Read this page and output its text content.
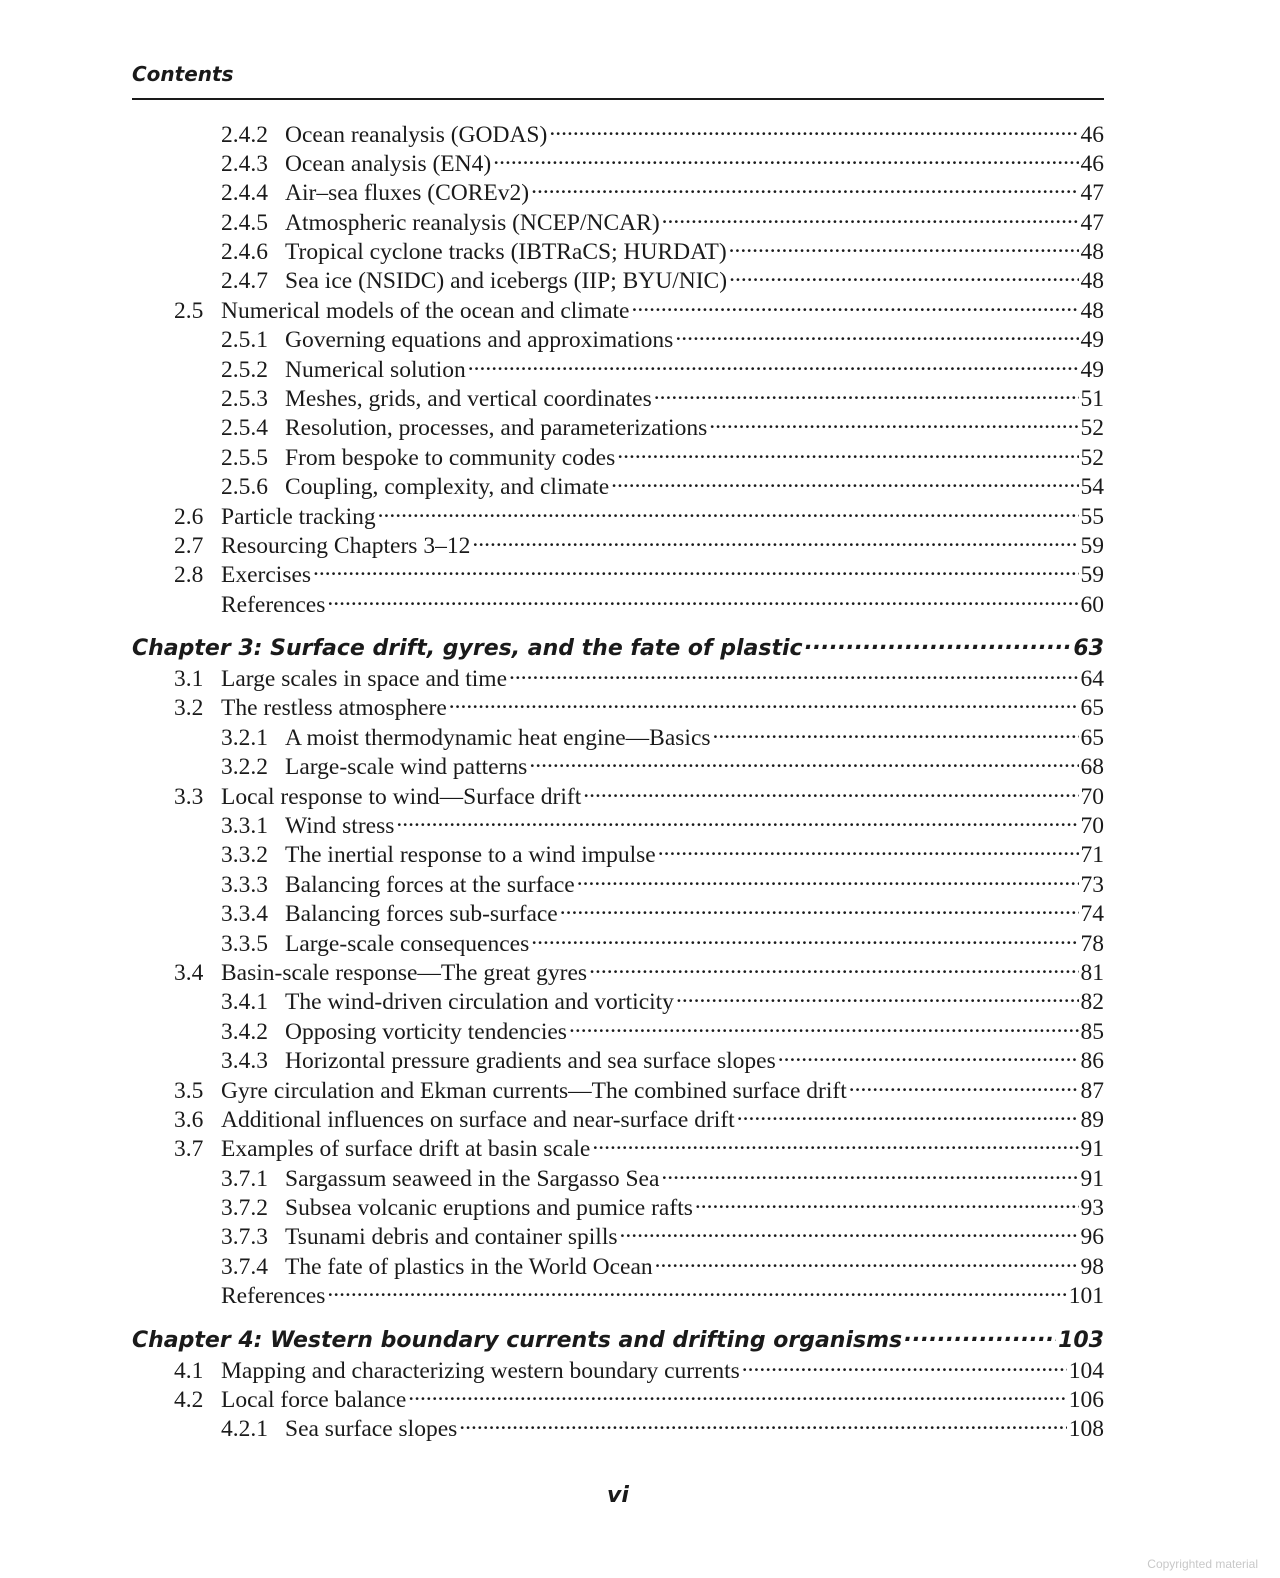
Contents
2.4.2 Ocean reanalysis (GODAS) .....	46
2.4.3 Ocean analysis (EN4) .....	46
2.4.4 Air–sea fluxes (COREv2) .....	47
2.4.5 Atmospheric reanalysis (NCEP/NCAR) .....	47
2.4.6 Tropical cyclone tracks (IBTRaCS; HURDAT) .....	48
2.4.7 Sea ice (NSIDC) and icebergs (IIP; BYU/NIC) .....	48
2.5 Numerical models of the ocean and climate .....	48
2.5.1 Governing equations and approximations .....	49
2.5.2 Numerical solution .....	49
2.5.3 Meshes, grids, and vertical coordinates .....	51
2.5.4 Resolution, processes, and parameterizations .....	52
2.5.5 From bespoke to community codes .....	52
2.5.6 Coupling, complexity, and climate .....	54
2.6 Particle tracking .....	55
2.7 Resourcing Chapters 3–12 .....	59
2.8 Exercises .....	59
References .....	60
Chapter 3: Surface drift, gyres, and the fate of plastic .....	63
3.1 Large scales in space and time .....	64
3.2 The restless atmosphere .....	65
3.2.1 A moist thermodynamic heat engine—Basics .....	65
3.2.2 Large-scale wind patterns .....	68
3.3 Local response to wind—Surface drift .....	70
3.3.1 Wind stress .....	70
3.3.2 The inertial response to a wind impulse .....	71
3.3.3 Balancing forces at the surface .....	73
3.3.4 Balancing forces sub-surface .....	74
3.3.5 Large-scale consequences .....	78
3.4 Basin-scale response—The great gyres .....	81
3.4.1 The wind-driven circulation and vorticity .....	82
3.4.2 Opposing vorticity tendencies .....	85
3.4.3 Horizontal pressure gradients and sea surface slopes .....	86
3.5 Gyre circulation and Ekman currents—The combined surface drift .....	87
3.6 Additional influences on surface and near-surface drift .....	89
3.7 Examples of surface drift at basin scale .....	91
3.7.1 Sargassum seaweed in the Sargasso Sea .....	91
3.7.2 Subsea volcanic eruptions and pumice rafts .....	93
3.7.3 Tsunami debris and container spills .....	96
3.7.4 The fate of plastics in the World Ocean .....	98
References .....	101
Chapter 4: Western boundary currents and drifting organisms .....	103
4.1 Mapping and characterizing western boundary currents .....	104
4.2 Local force balance .....	106
4.2.1 Sea surface slopes .....	108
vi
Copyrighted material
